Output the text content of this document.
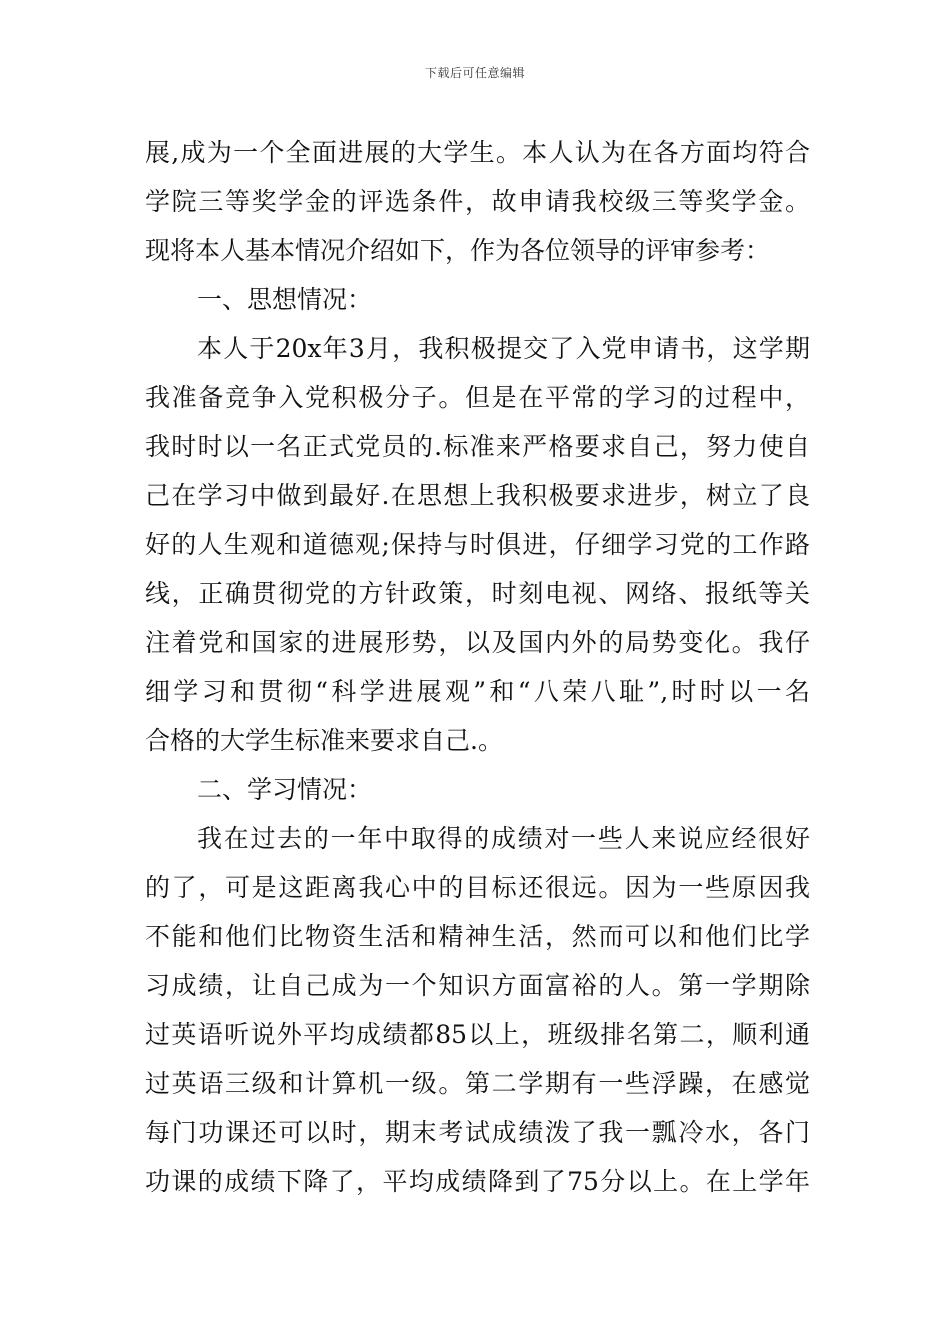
下载后可任意编辑
展,成为一个全面进展的大学生。本人认为在各方面均符合
学院三等奖学金的评选条件，故申请我校级三等奖学金。
现将本人基本情况介绍如下，作为各位领导的评审参考：
一、思想情况：
本人于20x年3月，我积极提交了入党申请书，这学期
我准备竞争入党积极分子。但是在平常的学习的过程中，
我时时以一名正式党员的.标准来严格要求自己，努力使自
己在学习中做到最好.在思想上我积极要求进步，树立了良
好的人生观和道德观;保持与时俱进，仔细学习党的工作路
线，正确贯彻党的方针政策，时刻电视、网络、报纸等关
注着党和国家的进展形势，以及国内外的局势变化。我仔
细学习和贯彻“科学进展观”和“八荣八耻”,时时以一名
合格的大学生标准来要求自己.。
二、学习情况：
我在过去的一年中取得的成绩对一些人来说应经很好
的了，可是这距离我心中的目标还很远。因为一些原因我
不能和他们比物资生活和精神生活，然而可以和他们比学
习成绩，让自己成为一个知识方面富裕的人。第一学期除
过英语听说外平均成绩都85以上，班级排名第二，顺利通
过英语三级和计算机一级。第二学期有一些浮躁，在感觉
每门功课还可以时，期末考试成绩泼了我一瓢冷水，各门
功课的成绩下降了，平均成绩降到了75分以上。在上学年
